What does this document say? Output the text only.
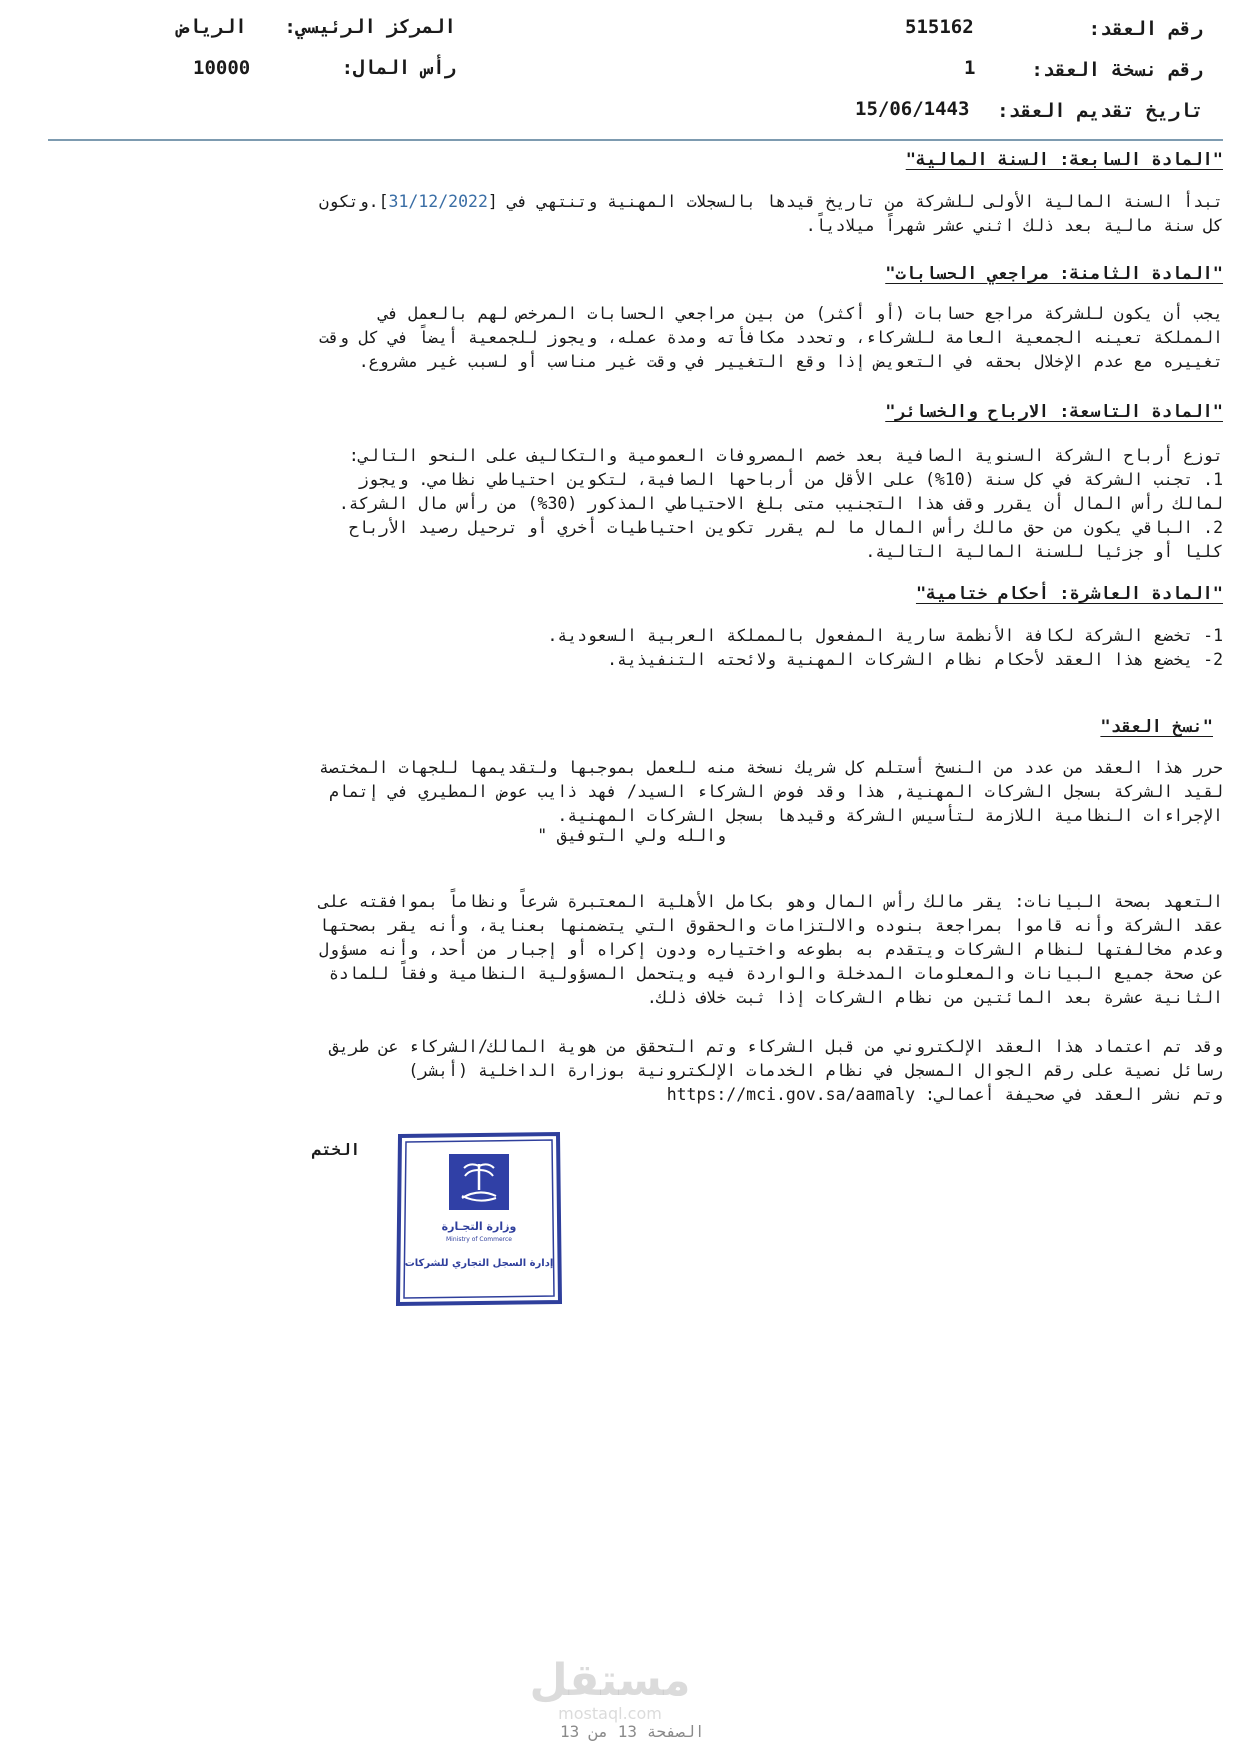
رقم العقد:
515162
رقم نسخة العقد:
1
تاريخ تقديم العقد:
15/06/1443
المركز الرئيسي:
الرياض
رأس المال:
10000
"المادة السابعة: السنة المالية"
تبدأ السنة المالية الأولى للشركة من تاريخ قيدها بالسجلات المهنية وتنتهي في [31/12/2022].وتكون
كل سنة مالية بعد ذلك اثني عشر شهراً ميلادياً.
"المادة الثامنة: مراجعي الحسابات"
يجب أن يكون للشركة مراجع حسابات (أو أكثر) من بين مراجعي الحسابات المرخص لهم بالعمل في
المملكة تعينه الجمعية العامة للشركاء، وتحدد مكافأته ومدة عمله، ويجوز للجمعية أيضاً في كل وقت
تغييره مع عدم الإخلال بحقه في التعويض إذا وقع التغيير في وقت غير مناسب أو لسبب غير مشروع.
"المادة التاسعة: الارباح والخسائر"
توزع أرباح الشركة السنوية الصافية بعد خصم المصروفات العمومية والتكاليف على النحو التالي:
1. تجنب الشركة في كل سنة (10%) على الأقل من أرباحها الصافية، لتكوين احتياطي نظامي. ويجوز
لمالك رأس المال أن يقرر وقف هذا التجنيب متى بلغ الاحتياطي المذكور (30%) من رأس مال الشركة.
2. الباقي يكون من حق مالك رأس المال ما لم يقرر تكوين احتياطيات أخري أو ترحيل رصيد الأرباح
كليا أو جزئيا للسنة المالية التالية.
"المادة العاشرة: أحكام ختامية"
1- تخضع الشركة لكافة الأنظمة سارية المفعول بالمملكة العربية السعودية.
2- يخضع هذا العقد لأحكام نظام الشركات المهنية ولائحته التنفيذية.
"نسخ العقد"
حرر هذا العقد من عدد من النسخ أستلم كل شريك نسخة منه للعمل بموجبها ولتقديمها للجهات المختصة
لقيد الشركة بسجل الشركات المهنية, هذا وقد فوض الشركاء السيد/ فهد ذايب عوض المطيري في إتمام
الإجراءات النظامية اللازمة لتأسيس الشركة وقيدها بسجل الشركات المهنية.
والله ولي التوفيق "
التعهد بصحة البيانات: يقر مالك رأس المال وهو بكامل الأهلية المعتبرة شرعاً ونظاماً بموافقته على
عقد الشركة وأنه قاموا بمراجعة بنوده والالتزامات والحقوق التي يتضمنها بعناية، وأنه يقر بصحتها
وعدم مخالفتها لنظام الشركات ويتقدم به بطوعه واختياره ودون إكراه أو إجبار من أحد، وأنه مسؤول
عن صحة جميع البيانات والمعلومات المدخلة والواردة فيه ويتحمل المسؤولية النظامية وفقاً للمادة
الثانية عشرة بعد المائتين من نظام الشركات إذا ثبت خلاف ذلك.
وقد تم اعتماد هذا العقد الإلكتروني من قبل الشركاء وتم التحقق من هوية المالك/الشركاء عن طريق
رسائل نصية على رقم الجوال المسجل في نظام الخدمات الإلكترونية بوزارة الداخلية (أبشر)
وتم نشر العقد في صحيفة أعمالي: https://mci.gov.sa/aamaly
الختم
وزارة التجـارة
Ministry of Commerce
إدارة السجل التجاري للشركات
مستقل
mostaql.com
الصفحة 13 من 13
